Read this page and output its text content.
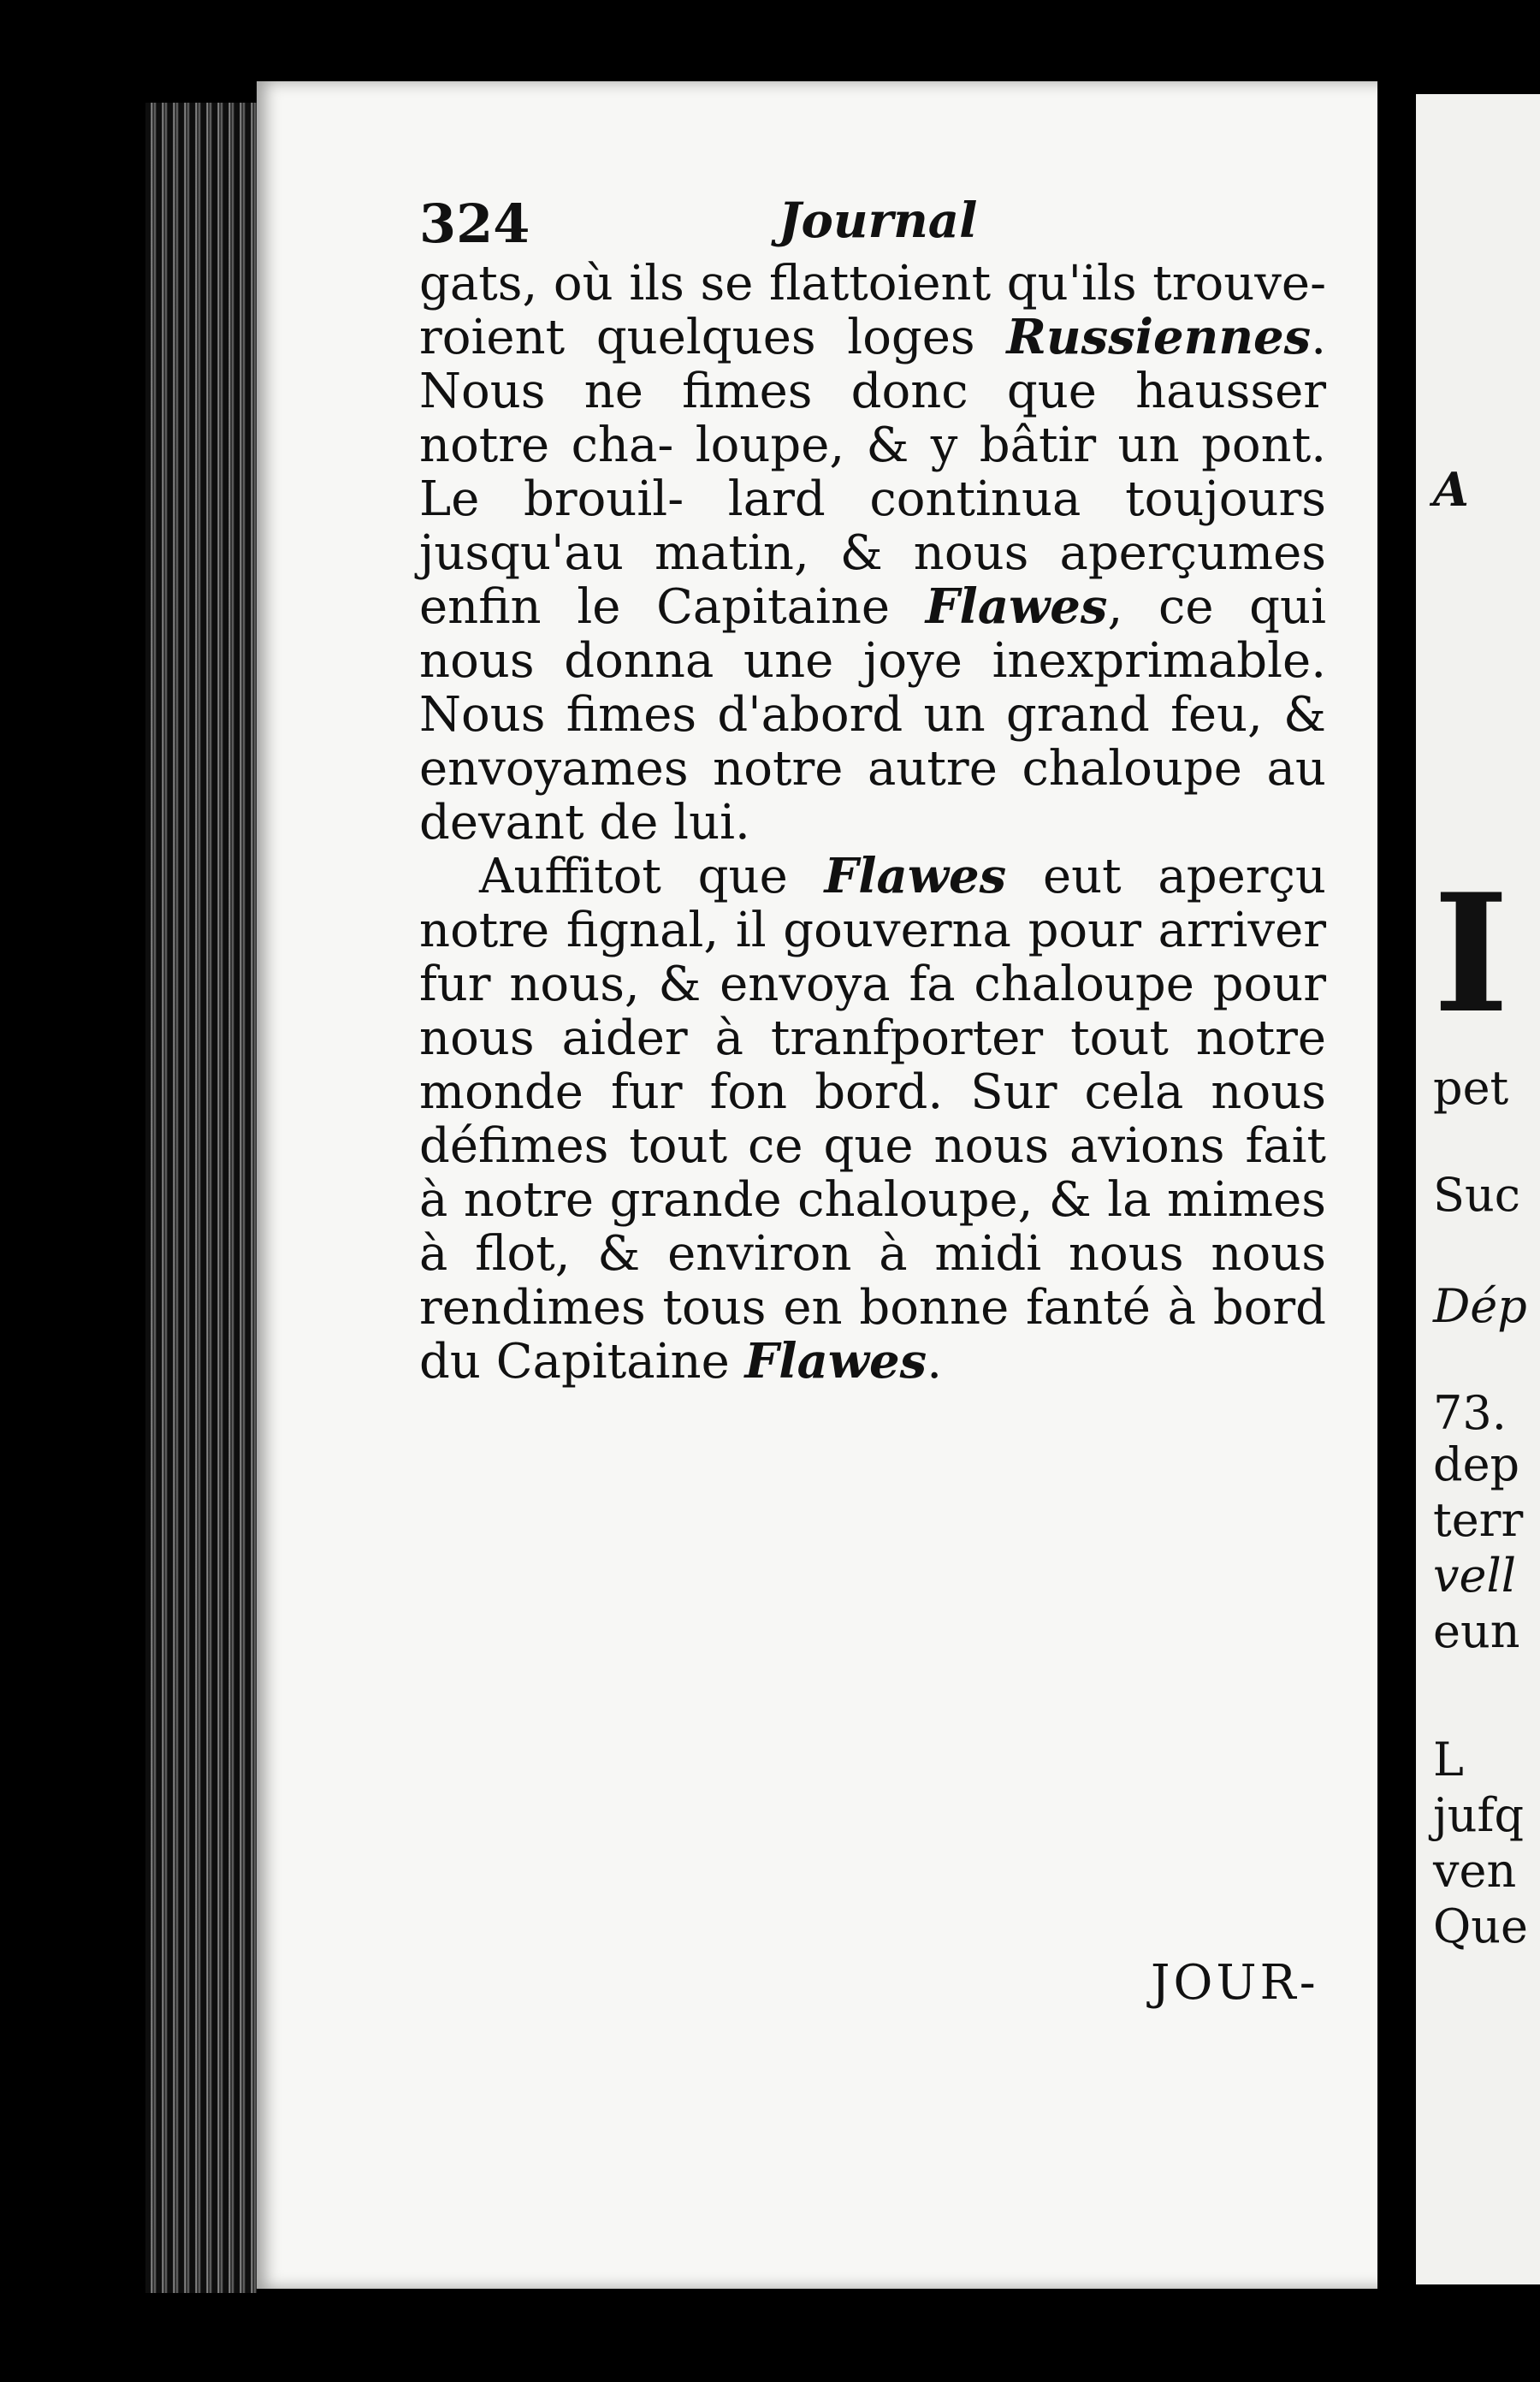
324	Journal

gats, où ils se flattoient qu'ils trouve- roient quelques loges Russiennes. Nous ne fimes donc que hausser notre cha- loupe, & y bâtir un pont. Le brouil- lard continua toujours jusqu'au matin, & nous aperçumes enfin le Capitaine Flawes, ce qui nous donna une joye inexprimable. Nous fimes d'abord un grand feu, & envoyames notre autre chaloupe au devant de lui.

Auffitot que Flawes eut aperçu notre fignal, il gouverna pour arriver fur nous, & envoya fa chaloupe pour nous aider à tranfporter tout notre monde fur fon bord. Sur cela nous défimes tout ce que nous avions fait à notre grande chaloupe, & la mimes à flot, & environ à midi nous nous rendimes tous en bonne fanté à bord du Capitaine Flawes.

JOUR-
A
I
pet
Suc
Dép
73.
dep
terr
vell
eun
L
jufq
ven
Que
